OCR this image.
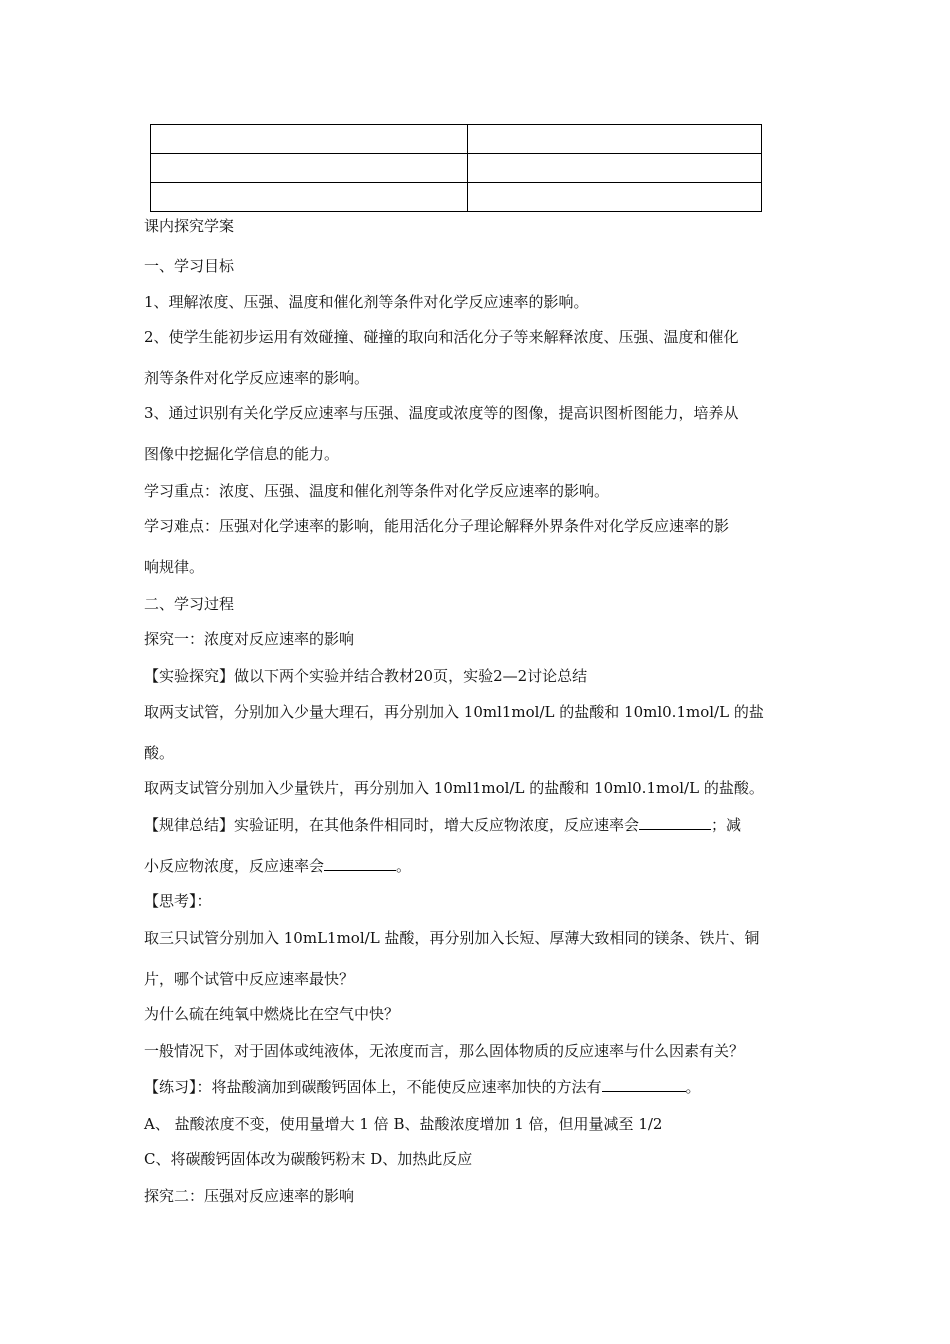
课内探究学案
一、学习目标
1、理解浓度、压强、温度和催化剂等条件对化学反应速率的影响。
2、使学生能初步运用有效碰撞、碰撞的取向和活化分子等来解释浓度、压强、温度和催化
剂等条件对化学反应速率的影响。
3、通过识别有关化学反应速率与压强、温度或浓度等的图像，提高识图析图能力，培养从
图像中挖掘化学信息的能力。
学习重点：浓度、压强、温度和催化剂等条件对化学反应速率的影响。
学习难点：压强对化学速率的影响，能用活化分子理论解释外界条件对化学反应速率的影
响规律。
二、学习过程
探究一：浓度对反应速率的影响
【实验探究】做以下两个实验并结合教材20页，实验2—2讨论总结
取两支试管，分别加入少量大理石，再分别加入 10ml1mol/L 的盐酸和 10ml0.1mol/L 的盐
酸。
取两支试管分别加入少量铁片，再分别加入 10ml1mol/L 的盐酸和 10ml0.1mol/L 的盐酸。
【规律总结】实验证明，在其他条件相同时，增大反应物浓度，反应速率会	；减
小反应物浓度，反应速率会	。
【思考】：
取三只试管分别加入 10mL1mol/L 盐酸，再分别加入长短、厚薄大致相同的镁条、铁片、铜
片，哪个试管中反应速率最快？
为什么硫在纯氧中燃烧比在空气中快？
一般情况下，对于固体或纯液体，无浓度而言，那么固体物质的反应速率与什么因素有关？
【练习】：将盐酸滴加到碳酸钙固体上，不能使反应速率加快的方法有	。
A、 盐酸浓度不变，使用量增大 1 倍 B、盐酸浓度增加 1 倍，但用量减至 1/2
C、将碳酸钙固体改为碳酸钙粉末 D、加热此反应
探究二：压强对反应速率的影响
